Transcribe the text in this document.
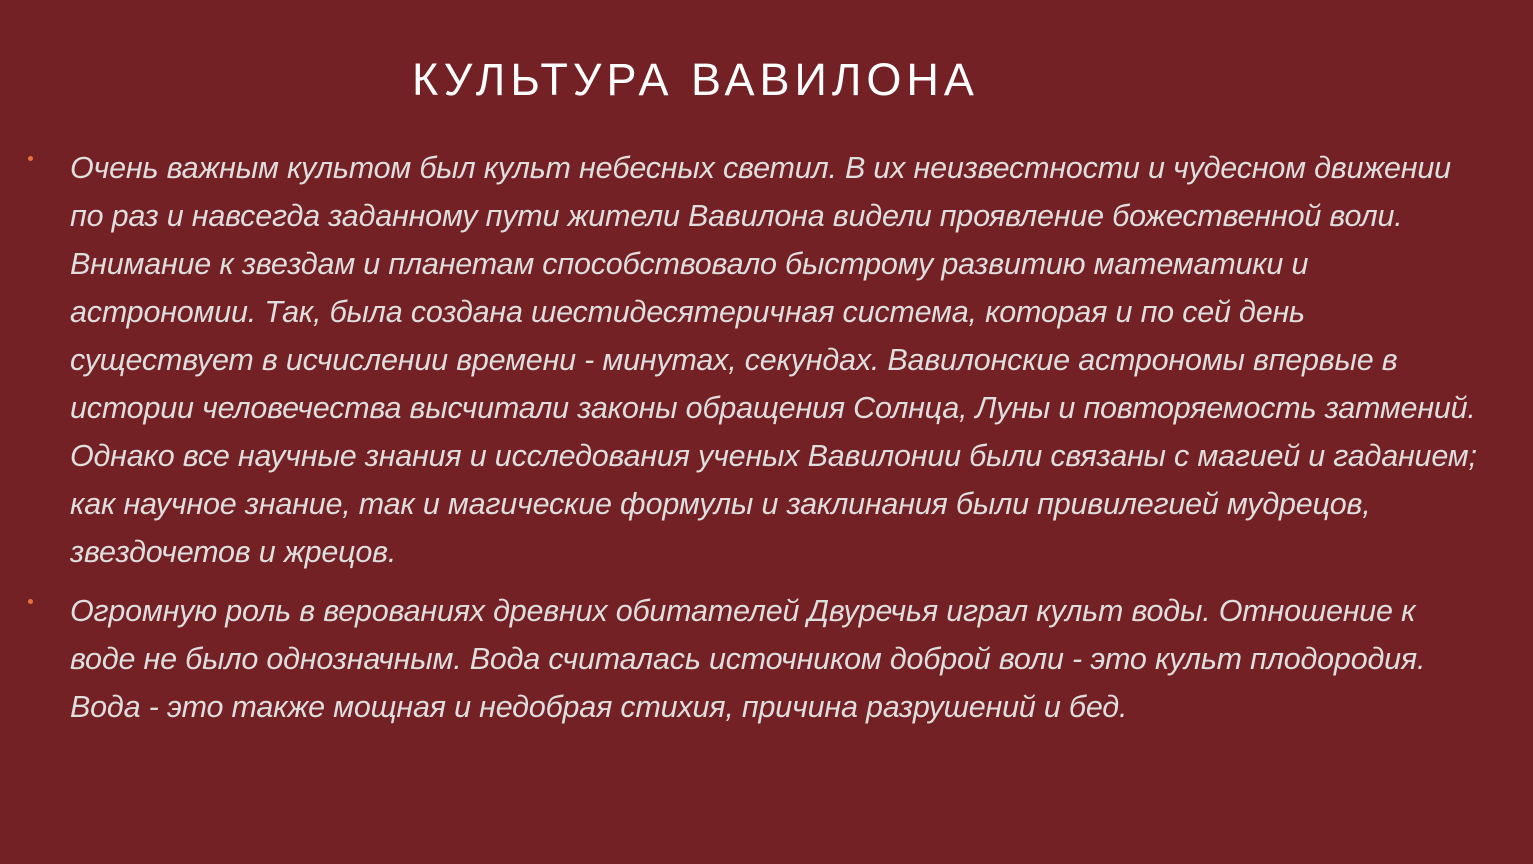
КУЛЬТУРА ВАВИЛОНА
Очень важным культом был культ небесных светил. В их неизвестности и чудесном движении по раз и навсегда заданному пути жители Вавилона видели проявление божественной воли. Внимание к звездам и планетам способствовало быстрому развитию математики и астрономии. Так, была создана шестидесятеричная система, которая и по сей день существует в исчислении времени - минутах, секундах. Вавилонские астрономы впервые в истории человечества высчитали законы обращения Солнца, Луны и повторяемость затмений. Однако все научные знания и исследования ученых Вавилонии были связаны с магией и гаданием; как научное знание, так и магические формулы и заклинания были привилегией мудрецов, звездочетов и жрецов.
Огромную роль в верованиях древних обитателей Двуречья играл культ воды. Отношение к воде не было однозначным. Вода считалась источником доброй воли - это культ плодородия. Вода - это также мощная и недобрая стихия, причина разрушений и бед.
